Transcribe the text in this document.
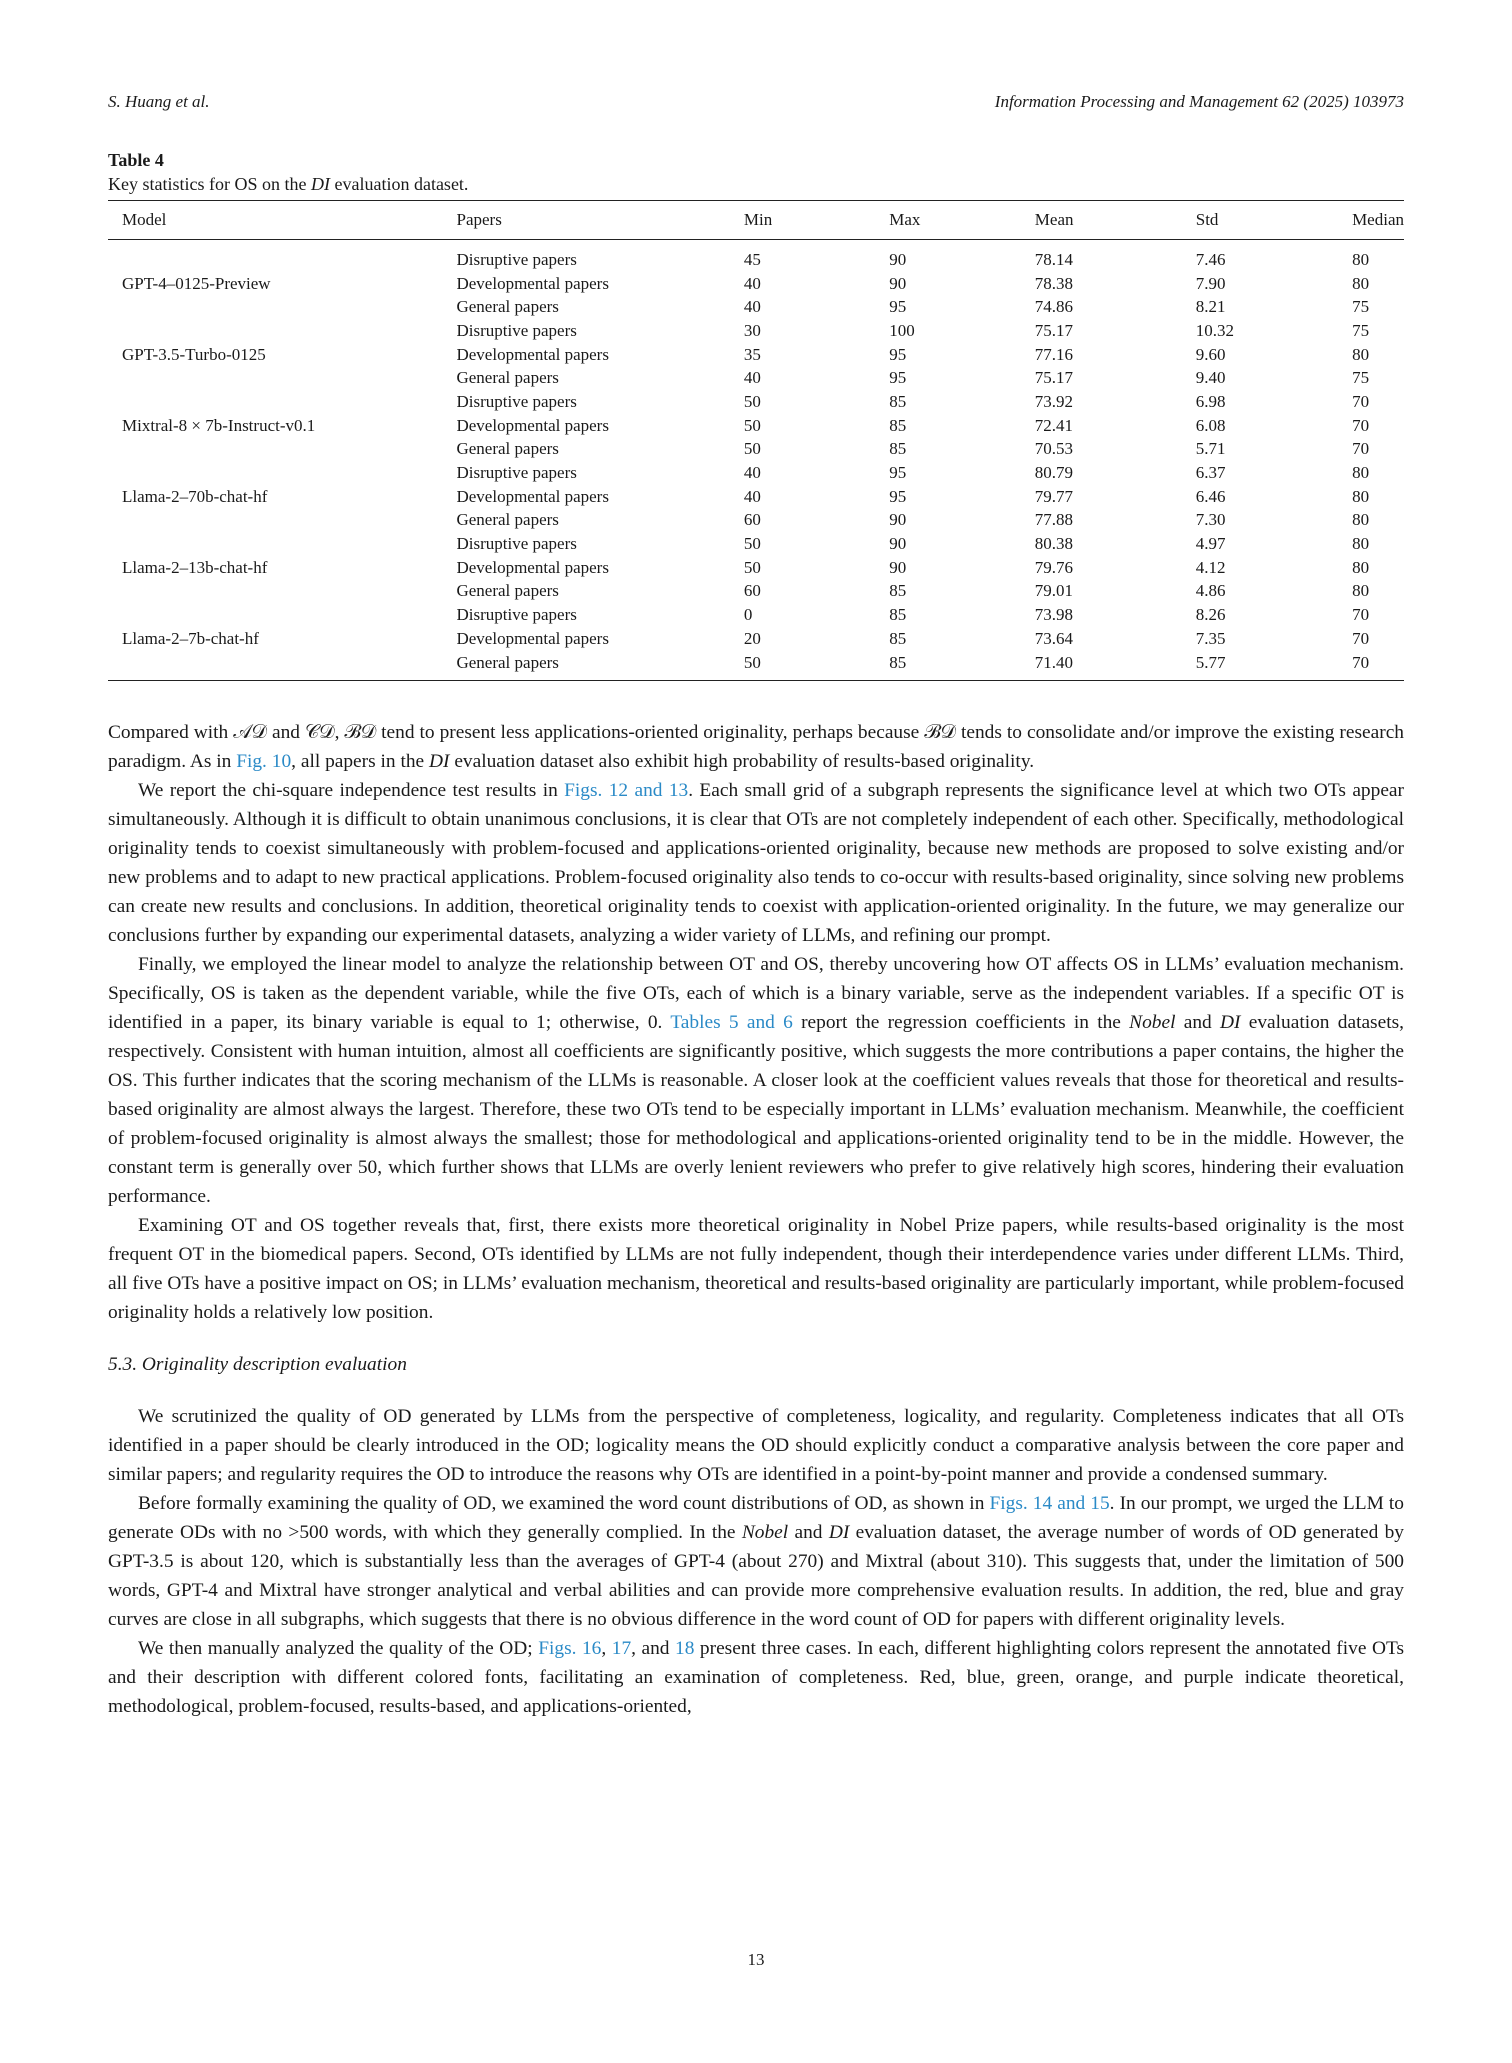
S. Huang et al.	Information Processing and Management 62 (2025) 103973
Table 4
Key statistics for OS on the DI evaluation dataset.
Model	Papers	Min	Max	Mean	Std	Median
	Disruptive papers	45	90	78.14	7.46	80
GPT-4–0125-Preview	Developmental papers	40	90	78.38	7.90	80
	General papers	40	95	74.86	8.21	75
	Disruptive papers	30	100	75.17	10.32	75
GPT-3.5-Turbo-0125	Developmental papers	35	95	77.16	9.60	80
	General papers	40	95	75.17	9.40	75
	Disruptive papers	50	85	73.92	6.98	70
Mixtral-8 × 7b-Instruct-v0.1	Developmental papers	50	85	72.41	6.08	70
	General papers	50	85	70.53	5.71	70
	Disruptive papers	40	95	80.79	6.37	80
Llama-2–70b-chat-hf	Developmental papers	40	95	79.77	6.46	80
	General papers	60	90	77.88	7.30	80
	Disruptive papers	50	90	80.38	4.97	80
Llama-2–13b-chat-hf	Developmental papers	50	90	79.76	4.12	80
	General papers	60	85	79.01	4.86	80
	Disruptive papers	0	85	73.98	8.26	70
Llama-2–7b-chat-hf	Developmental papers	20	85	73.64	7.35	70
	General papers	50	85	71.40	5.77	70

Compared with 𝒜𝒟 and 𝒞𝒟, ℬ𝒟 tend to present less applications-oriented originality, perhaps because ℬ𝒟 tends to consolidate and/or improve the existing research paradigm. As in Fig. 10, all papers in the DI evaluation dataset also exhibit high probability of results-based originality.

We report the chi-square independence test results in Figs. 12 and 13. Each small grid of a subgraph represents the significance level at which two OTs appear simultaneously. Although it is difficult to obtain unanimous conclusions, it is clear that OTs are not completely independent of each other. Specifically, methodological originality tends to coexist simultaneously with problem-focused and applications-oriented originality, because new methods are proposed to solve existing and/or new problems and to adapt to new practical applications. Problem-focused originality also tends to co-occur with results-based originality, since solving new problems can create new results and conclusions. In addition, theoretical originality tends to coexist with application-oriented originality. In the future, we may generalize our conclusions further by expanding our experimental datasets, analyzing a wider variety of LLMs, and refining our prompt.

Finally, we employed the linear model to analyze the relationship between OT and OS, thereby uncovering how OT affects OS in LLMs’ evaluation mechanism. Specifically, OS is taken as the dependent variable, while the five OTs, each of which is a binary variable, serve as the independent variables. If a specific OT is identified in a paper, its binary variable is equal to 1; otherwise, 0. Tables 5 and 6 report the regression coefficients in the Nobel and DI evaluation datasets, respectively. Consistent with human intuition, almost all coefficients are significantly positive, which suggests the more contributions a paper contains, the higher the OS. This further indicates that the scoring mechanism of the LLMs is reasonable. A closer look at the coefficient values reveals that those for theoretical and results-based originality are almost always the largest. Therefore, these two OTs tend to be especially important in LLMs’ evaluation mechanism. Meanwhile, the coefficient of problem-focused originality is almost always the smallest; those for methodological and applications-oriented originality tend to be in the middle. However, the constant term is generally over 50, which further shows that LLMs are overly lenient reviewers who prefer to give relatively high scores, hindering their evaluation performance.

Examining OT and OS together reveals that, first, there exists more theoretical originality in Nobel Prize papers, while results-based originality is the most frequent OT in the biomedical papers. Second, OTs identified by LLMs are not fully independent, though their interdependence varies under different LLMs. Third, all five OTs have a positive impact on OS; in LLMs’ evaluation mechanism, theoretical and results-based originality are particularly important, while problem-focused originality holds a relatively low position.

5.3. Originality description evaluation

We scrutinized the quality of OD generated by LLMs from the perspective of completeness, logicality, and regularity. Completeness indicates that all OTs identified in a paper should be clearly introduced in the OD; logicality means the OD should explicitly conduct a comparative analysis between the core paper and similar papers; and regularity requires the OD to introduce the reasons why OTs are identified in a point-by-point manner and provide a condensed summary.

Before formally examining the quality of OD, we examined the word count distributions of OD, as shown in Figs. 14 and 15. In our prompt, we urged the LLM to generate ODs with no >500 words, with which they generally complied. In the Nobel and DI evaluation dataset, the average number of words of OD generated by GPT-3.5 is about 120, which is substantially less than the averages of GPT-4 (about 270) and Mixtral (about 310). This suggests that, under the limitation of 500 words, GPT-4 and Mixtral have stronger analytical and verbal abilities and can provide more comprehensive evaluation results. In addition, the red, blue and gray curves are close in all subgraphs, which suggests that there is no obvious difference in the word count of OD for papers with different originality levels.

We then manually analyzed the quality of the OD; Figs. 16, 17, and 18 present three cases. In each, different highlighting colors represent the annotated five OTs and their description with different colored fonts, facilitating an examination of completeness. Red, blue, green, orange, and purple indicate theoretical, methodological, problem-focused, results-based, and applications-oriented,

13
